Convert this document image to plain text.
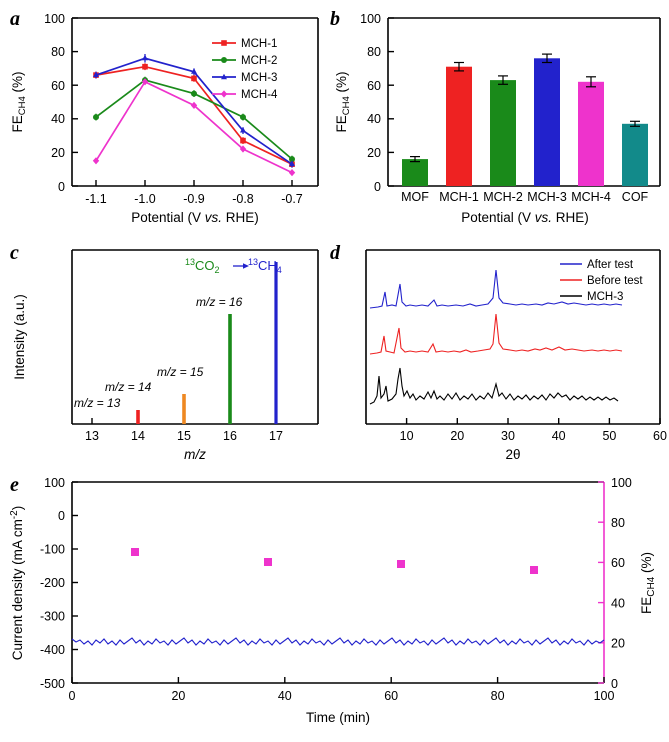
a
0
20
40
60
80
100
-1.1 -1.0 -0.9 -0.8 -0.7
Potential (V vs. RHE)
$FE_{CH4}$ (%)
MCH-1
MCH-2
MCH-3
MCH-4
b
0
20
40
60
80
100
MOF MCH-1 MCH-2 MCH-3 MCH-4 COF
Potential (V vs. RHE)
$FE_{CH4}$ (%)
c
13	14	15	16	17
m/z
Intensity (a.u.)
m/z = 13
m/z = 14
m/z = 15
m/z = 16
$^{13}CO_2$
$^{13}CH_4$
d
10	20	30	40	50	60
2θ
After test
Before test
MCH-3
e
-500
-400
-300
-200
-100
0
100
0
20
40
60
80
100
0	20	40	60	80	100
Time (min)
Current density (mA $cm^{-2}$)
$FE_{CH4}$ (%)
